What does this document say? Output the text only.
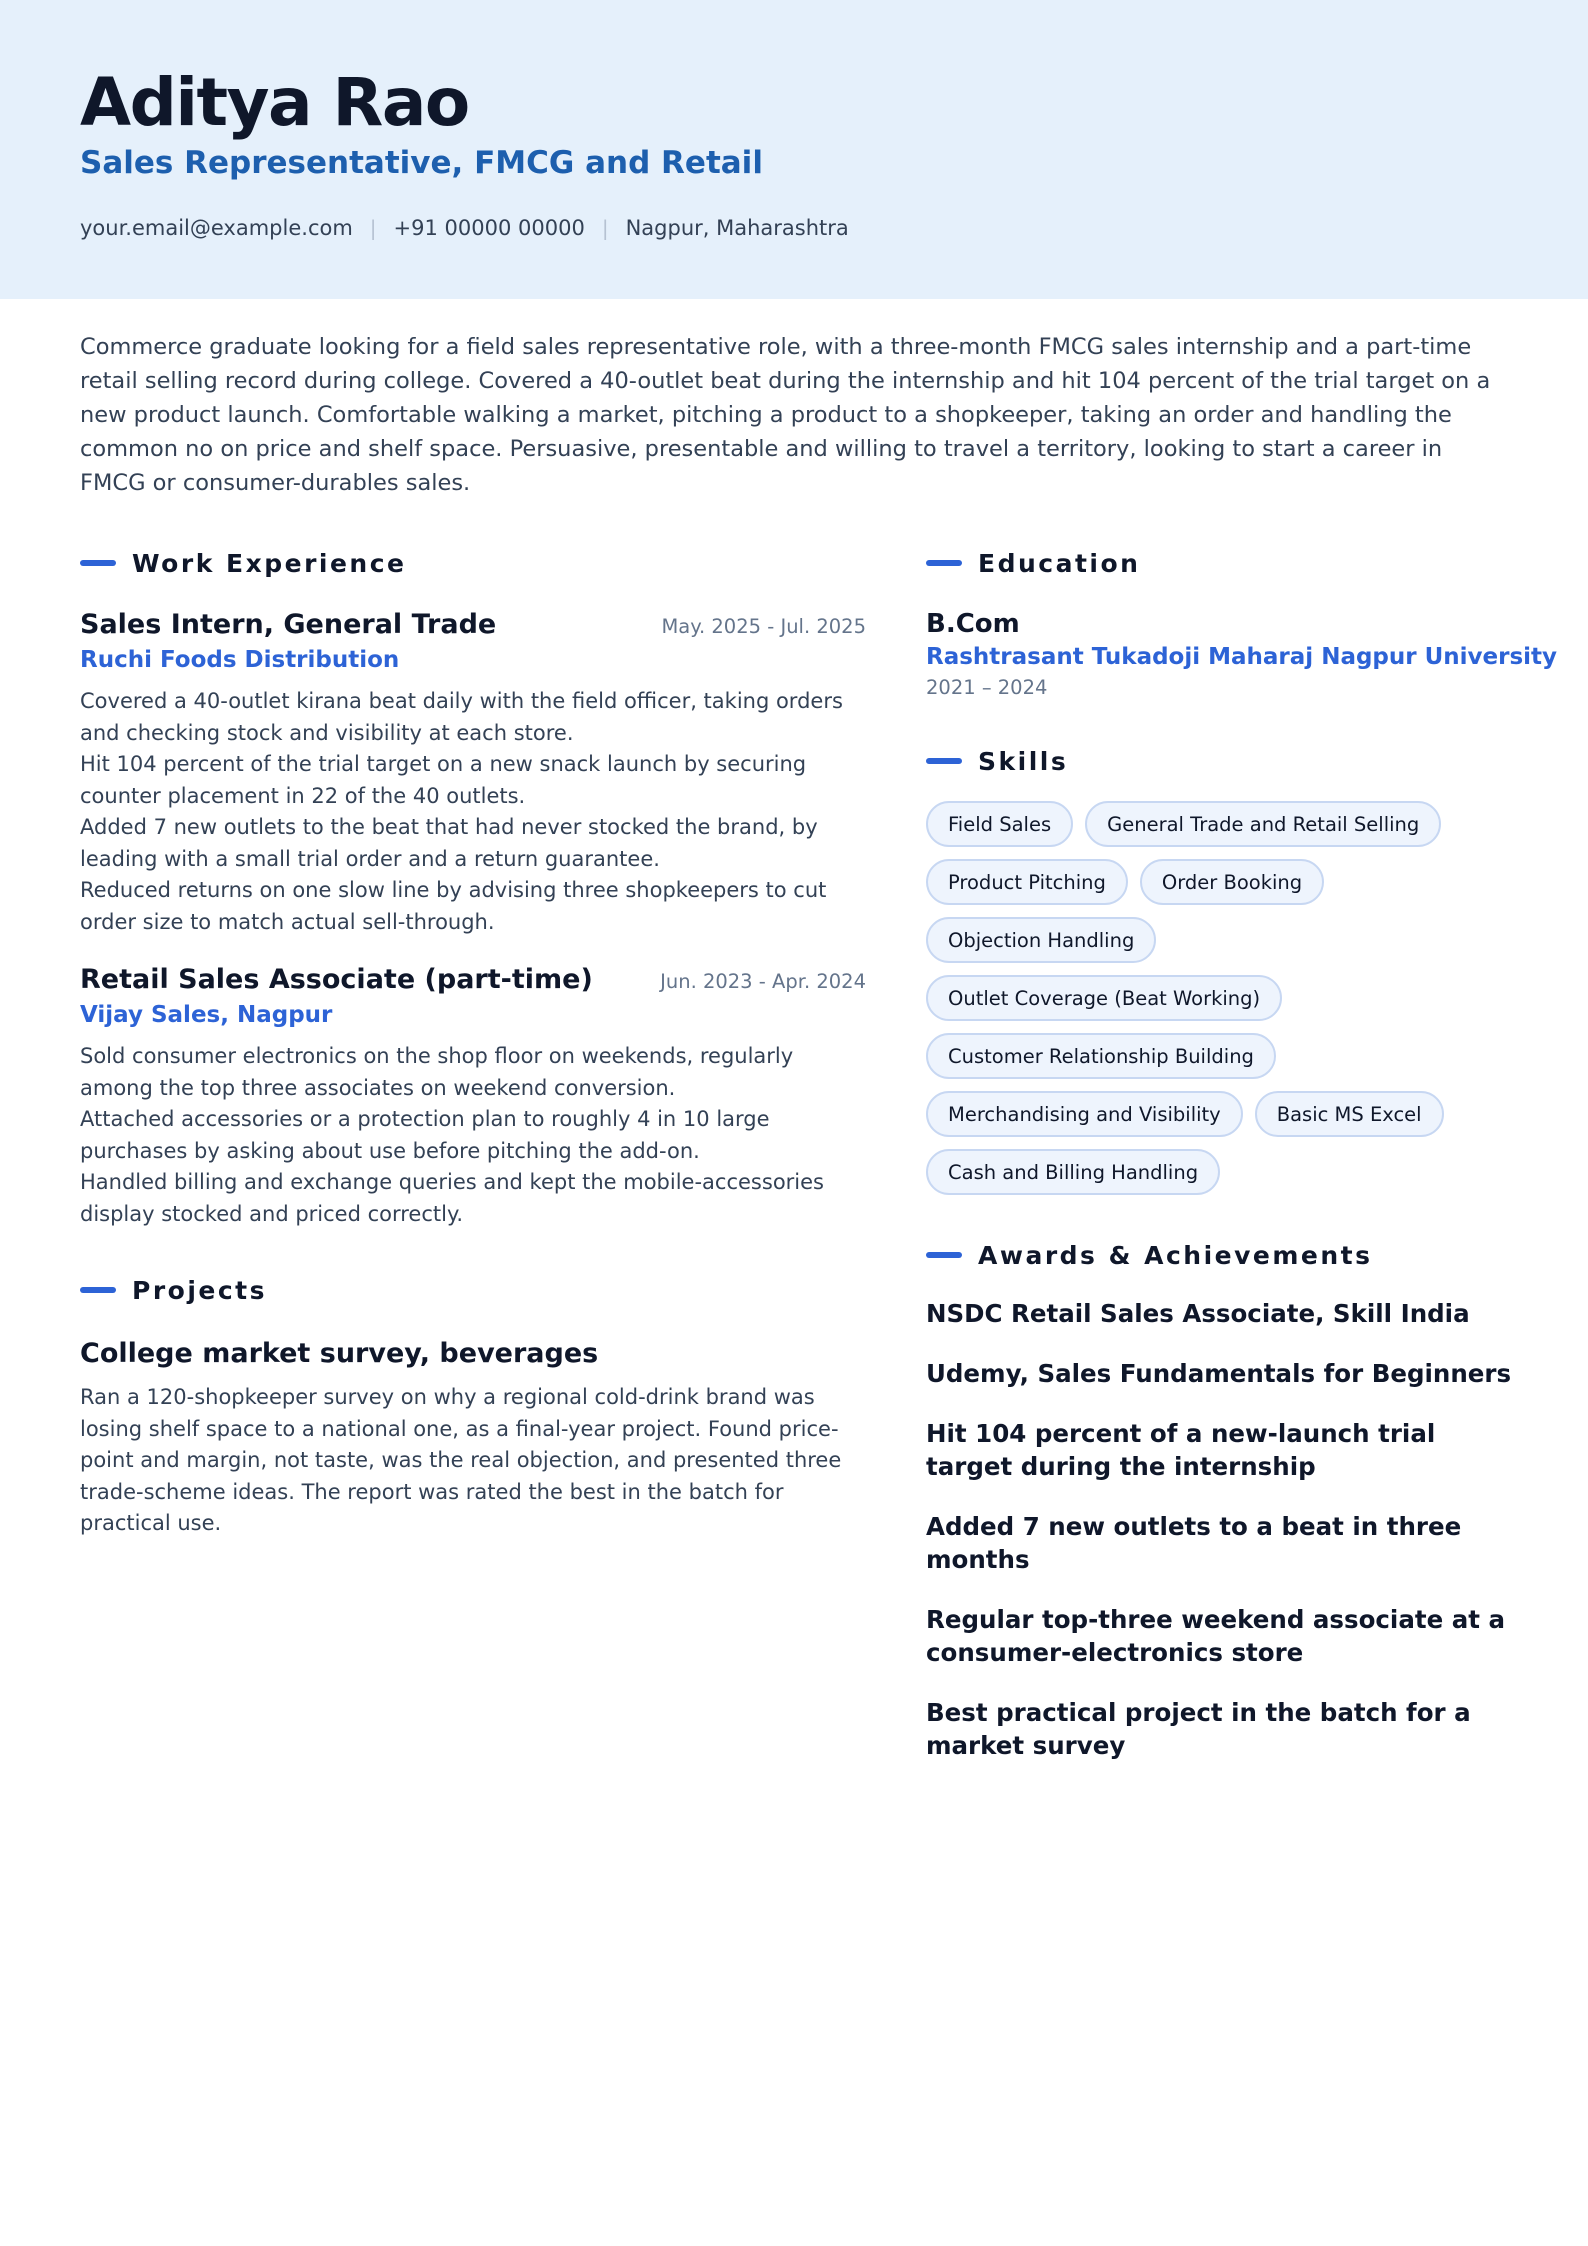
Aditya Rao
Sales Representative, FMCG and Retail
your.email@example.com | +91 00000 00000 | Nagpur, Maharashtra
Commerce graduate looking for a field sales representative role, with a three-month FMCG sales internship and a part-time retail selling record during college. Covered a 40-outlet beat during the internship and hit 104 percent of the trial target on a new product launch. Comfortable walking a market, pitching a product to a shopkeeper, taking an order and handling the common no on price and shelf space. Persuasive, presentable and willing to travel a territory, looking to start a career in FMCG or consumer-durables sales.
Work Experience
Sales Intern, General Trade	May. 2025 - Jul. 2025
Ruchi Foods Distribution
Covered a 40-outlet kirana beat daily with the field officer, taking orders and checking stock and visibility at each store.
Hit 104 percent of the trial target on a new snack launch by securing counter placement in 22 of the 40 outlets.
Added 7 new outlets to the beat that had never stocked the brand, by leading with a small trial order and a return guarantee.
Reduced returns on one slow line by advising three shopkeepers to cut order size to match actual sell-through.
Retail Sales Associate (part-time)	Jun. 2023 - Apr. 2024
Vijay Sales, Nagpur
Sold consumer electronics on the shop floor on weekends, regularly among the top three associates on weekend conversion.
Attached accessories or a protection plan to roughly 4 in 10 large purchases by asking about use before pitching the add-on.
Handled billing and exchange queries and kept the mobile-accessories display stocked and priced correctly.
Projects
College market survey, beverages
Ran a 120-shopkeeper survey on why a regional cold-drink brand was losing shelf space to a national one, as a final-year project. Found price-point and margin, not taste, was the real objection, and presented three trade-scheme ideas. The report was rated the best in the batch for practical use.
Education
B.Com
Rashtrasant Tukadoji Maharaj Nagpur University
2021 – 2024
Skills
Field Sales	General Trade and Retail Selling
Product Pitching	Order Booking
Objection Handling
Outlet Coverage (Beat Working)
Customer Relationship Building
Merchandising and Visibility	Basic MS Excel
Cash and Billing Handling
Awards & Achievements
NSDC Retail Sales Associate, Skill India
Udemy, Sales Fundamentals for Beginners
Hit 104 percent of a new-launch trial target during the internship
Added 7 new outlets to a beat in three months
Regular top-three weekend associate at a consumer-electronics store
Best practical project in the batch for a market survey
